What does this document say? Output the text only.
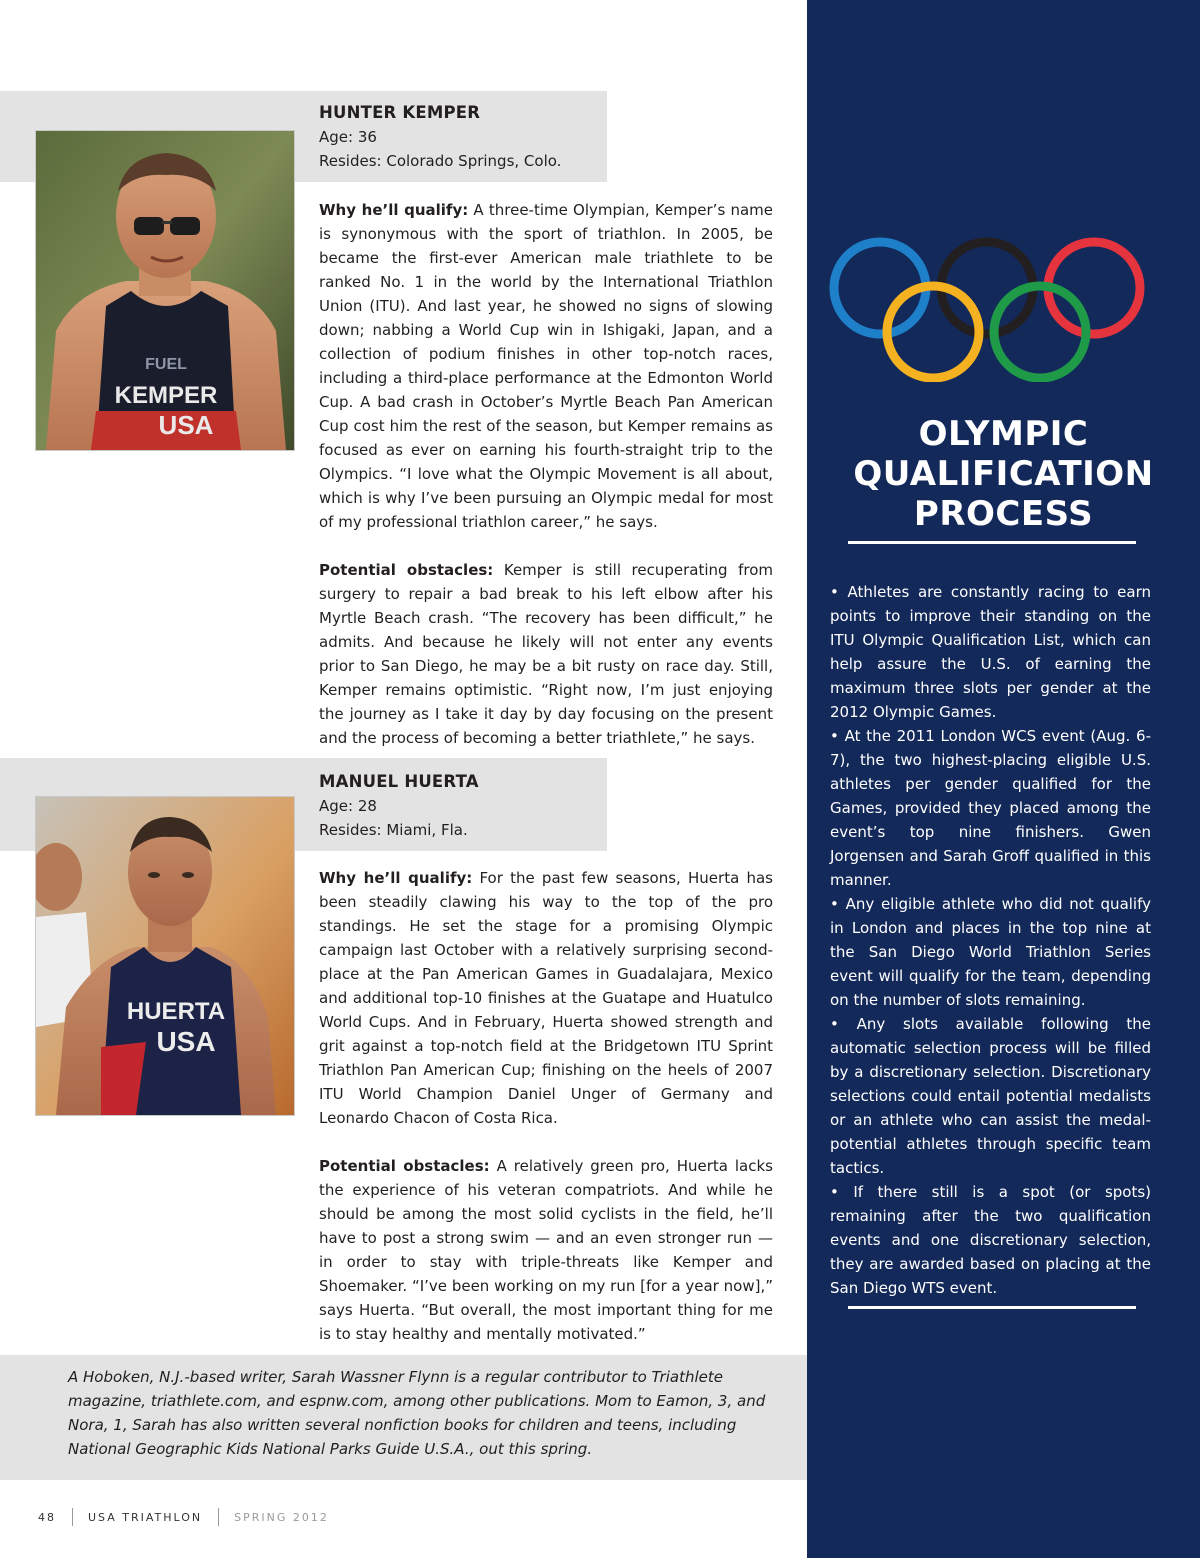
FUEL
KEMPER
USA
HUERTA
USA
HUNTER KEMPER
Age: 36
Resides: Colorado Springs, Colo.

Why he’ll qualify: A three-time Olympian, Kemper’s name is synonymous with the sport of triathlon. In 2005, be became the first-ever American male triathlete to be ranked No. 1 in the world by the International Triathlon Union (ITU). And last year, he showed no signs of slowing down; nabbing a World Cup win in Ishigaki, Japan, and a collection of podium finishes in other top-notch races, including a third-place performance at the Edmonton World Cup. A bad crash in October’s Myrtle Beach Pan American Cup cost him the rest of the season, but Kemper remains as focused as ever on earning his fourth-straight trip to the Olympics. “I love what the Olympic Movement is all about, which is why I’ve been pursuing an Olympic medal for most of my professional triathlon career,” he says.

Potential obstacles: Kemper is still recuperating from surgery to repair a bad break to his left elbow after his Myrtle Beach crash. “The recovery has been difficult,” he admits. And because he likely will not enter any events prior to San Diego, he may be a bit rusty on race day. Still, Kemper remains optimistic. “Right now, I’m just enjoying the journey as I take it day by day focusing on the present and the process of becoming a better triathlete,” he says.

MANUEL HUERTA
Age: 28
Resides: Miami, Fla.

Why he’ll qualify: For the past few seasons, Huerta has been steadily clawing his way to the top of the pro standings. He set the stage for a promising Olympic campaign last October with a relatively surprising second-place at the Pan American Games in Guadalajara, Mexico and additional top-10 finishes at the Guatape and Huatulco World Cups. And in February, Huerta showed strength and grit against a top-notch field at the Bridgetown ITU Sprint Triathlon Pan American Cup; finishing on the heels of 2007 ITU World Champion Daniel Unger of Germany and Leonardo Chacon of Costa Rica.

Potential obstacles: A relatively green pro, Huerta lacks the experience of his veteran compatriots. And while he should be among the most solid cyclists in the field, he’ll have to post a strong swim — and an even stronger run — in order to stay with triple-threats like Kemper and Shoemaker. “I’ve been working on my run [for a year now],” says Huerta. “But overall, the most important thing for me is to stay healthy and mentally motivated.”

OLYMPIC
QUALIFICATION
PROCESS

• Athletes are constantly racing to earn points to improve their standing on the ITU Olympic Qualification List, which can help assure the U.S. of earning the maximum three slots per gender at the 2012 Olympic Games.

• At the 2011 London WCS event (Aug. 6-7), the two highest-placing eligible U.S. athletes per gender qualified for the Games, provided they placed among the event’s top nine finishers. Gwen Jorgensen and Sarah Groff qualified in this manner.

• Any eligible athlete who did not qualify in London and places in the top nine at the San Diego World Triathlon Series event will qualify for the team, depending on the number of slots remaining.

• Any slots available following the automatic selection process will be filled by a discretionary selection. Discretionary selections could entail potential medalists or an athlete who can assist the medal-potential athletes through specific team tactics.

• If there still is a spot (or spots) remaining after the two qualification events and one discretionary selection, they are awarded based on placing at the San Diego WTS event.

A Hoboken, N.J.-based writer, Sarah Wassner Flynn is a regular contributor to Triathlete magazine, triathlete.com, and espnw.com, among other publications. Mom to Eamon, 3, and Nora, 1, Sarah has also written several nonfiction books for children and teens, including National Geographic Kids National Parks Guide U.S.A., out this spring.
48	USA TRIATHLON	SPRING 2012
